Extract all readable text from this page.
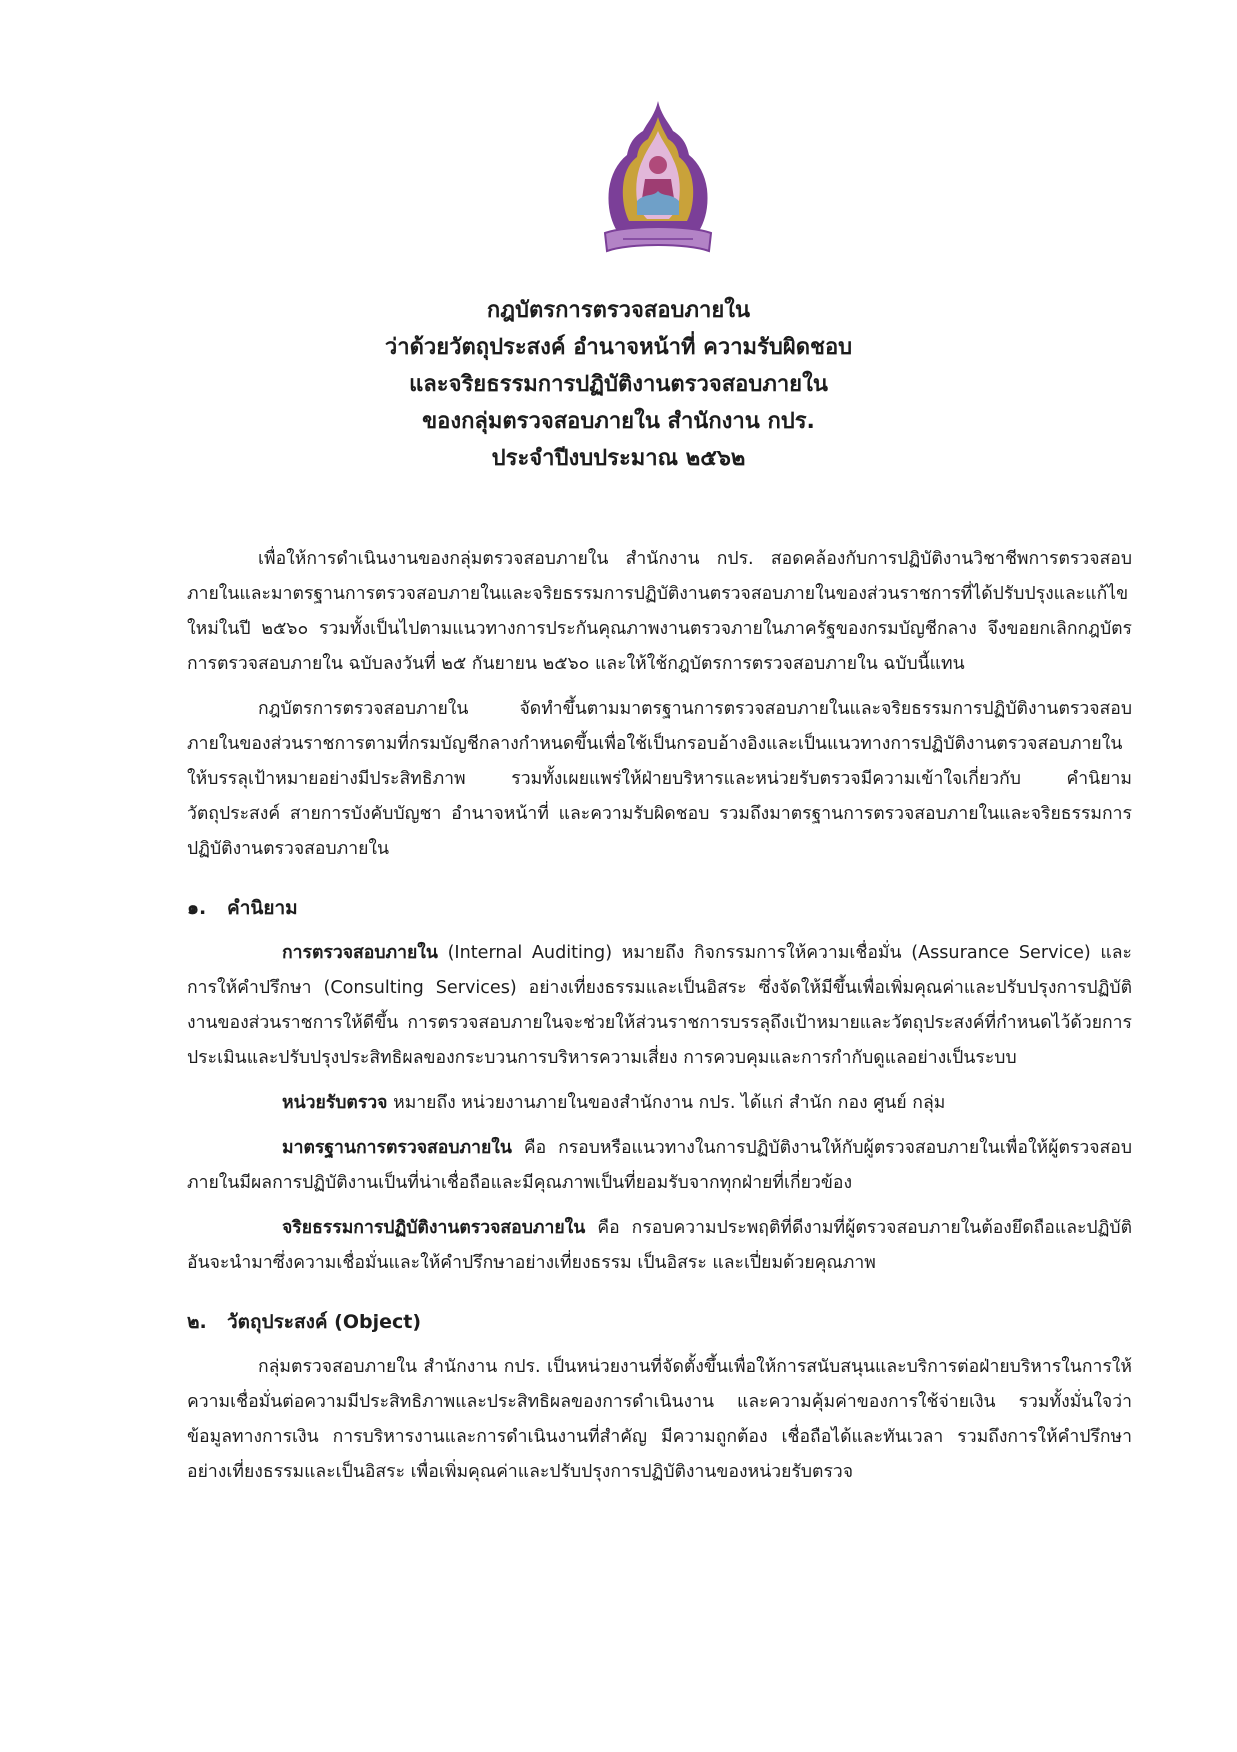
กฎบัตรการตรวจสอบภายใน
ว่าด้วยวัตถุประสงค์ อำนาจหน้าที่ ความรับผิดชอบ
และจริยธรรมการปฏิบัติงานตรวจสอบภายใน
ของกลุ่มตรวจสอบภายใน สำนักงาน กปร.
ประจำปีงบประมาณ ๒๕๖๒

เพื่อให้การดำเนินงานของกลุ่มตรวจสอบภายใน สำนักงาน กปร. สอดคล้องกับการปฏิบัติงานวิชาชีพการตรวจสอบภายในและมาตรฐานการตรวจสอบภายในและจริยธรรมการปฏิบัติงานตรวจสอบภายในของส่วนราชการที่ได้ปรับปรุงและแก้ไขใหม่ในปี ๒๕๖๐ รวมทั้งเป็นไปตามแนวทางการประกันคุณภาพงานตรวจภายในภาครัฐของกรมบัญชีกลาง จึงขอยกเลิกกฎบัตรการตรวจสอบภายใน ฉบับลงวันที่ ๒๕ กันยายน ๒๕๖๐ และให้ใช้กฎบัตรการตรวจสอบภายใน ฉบับนี้แทน

กฎบัตรการตรวจสอบภายใน จัดทำขึ้นตามมาตรฐานการตรวจสอบภายในและจริยธรรมการปฏิบัติงานตรวจสอบภายในของส่วนราชการตามที่กรมบัญชีกลางกำหนดขึ้นเพื่อใช้เป็นกรอบอ้างอิงและเป็นแนวทางการปฏิบัติงานตรวจสอบภายในให้บรรลุเป้าหมายอย่างมีประสิทธิภาพ รวมทั้งเผยแพร่ให้ฝ่ายบริหารและหน่วยรับตรวจมีความเข้าใจเกี่ยวกับ คำนิยาม วัตถุประสงค์ สายการบังคับบัญชา อำนาจหน้าที่ และความรับผิดชอบ รวมถึงมาตรฐานการตรวจสอบภายในและจริยธรรมการปฏิบัติงานตรวจสอบภายใน

๑. คำนิยาม

การตรวจสอบภายใน (Internal Auditing) หมายถึง กิจกรรมการให้ความเชื่อมั่น (Assurance Service) และการให้คำปรึกษา (Consulting Services) อย่างเที่ยงธรรมและเป็นอิสระ ซึ่งจัดให้มีขึ้นเพื่อเพิ่มคุณค่าและปรับปรุงการปฏิบัติงานของส่วนราชการให้ดีขึ้น การตรวจสอบภายในจะช่วยให้ส่วนราชการบรรลุถึงเป้าหมายและวัตถุประสงค์ที่กำหนดไว้ด้วยการประเมินและปรับปรุงประสิทธิผลของกระบวนการบริหารความเสี่ยง การควบคุมและการกำกับดูแลอย่างเป็นระบบ

หน่วยรับตรวจ หมายถึง หน่วยงานภายในของสำนักงาน กปร. ได้แก่ สำนัก กอง ศูนย์ กลุ่ม

มาตรฐานการตรวจสอบภายใน คือ กรอบหรือแนวทางในการปฏิบัติงานให้กับผู้ตรวจสอบภายในเพื่อให้ผู้ตรวจสอบภายในมีผลการปฏิบัติงานเป็นที่น่าเชื่อถือและมีคุณภาพเป็นที่ยอมรับจากทุกฝ่ายที่เกี่ยวข้อง

จริยธรรมการปฏิบัติงานตรวจสอบภายใน คือ กรอบความประพฤติที่ดีงามที่ผู้ตรวจสอบภายในต้องยึดถือและปฏิบัติ อันจะนำมาซึ่งความเชื่อมั่นและให้คำปรึกษาอย่างเที่ยงธรรม เป็นอิสระ และเปี่ยมด้วยคุณภาพ

๒. วัตถุประสงค์ (Object)

กลุ่มตรวจสอบภายใน สำนักงาน กปร. เป็นหน่วยงานที่จัดตั้งขึ้นเพื่อให้การสนับสนุนและบริการต่อฝ่ายบริหารในการให้ความเชื่อมั่นต่อความมีประสิทธิภาพและประสิทธิผลของการดำเนินงาน และความคุ้มค่าของการใช้จ่ายเงิน รวมทั้งมั่นใจว่า ข้อมูลทางการเงิน การบริหารงานและการดำเนินงานที่สำคัญ มีความถูกต้อง เชื่อถือได้และทันเวลา รวมถึงการให้คำปรึกษาอย่างเที่ยงธรรมและเป็นอิสระ เพื่อเพิ่มคุณค่าและปรับปรุงการปฏิบัติงานของหน่วยรับตรวจ
